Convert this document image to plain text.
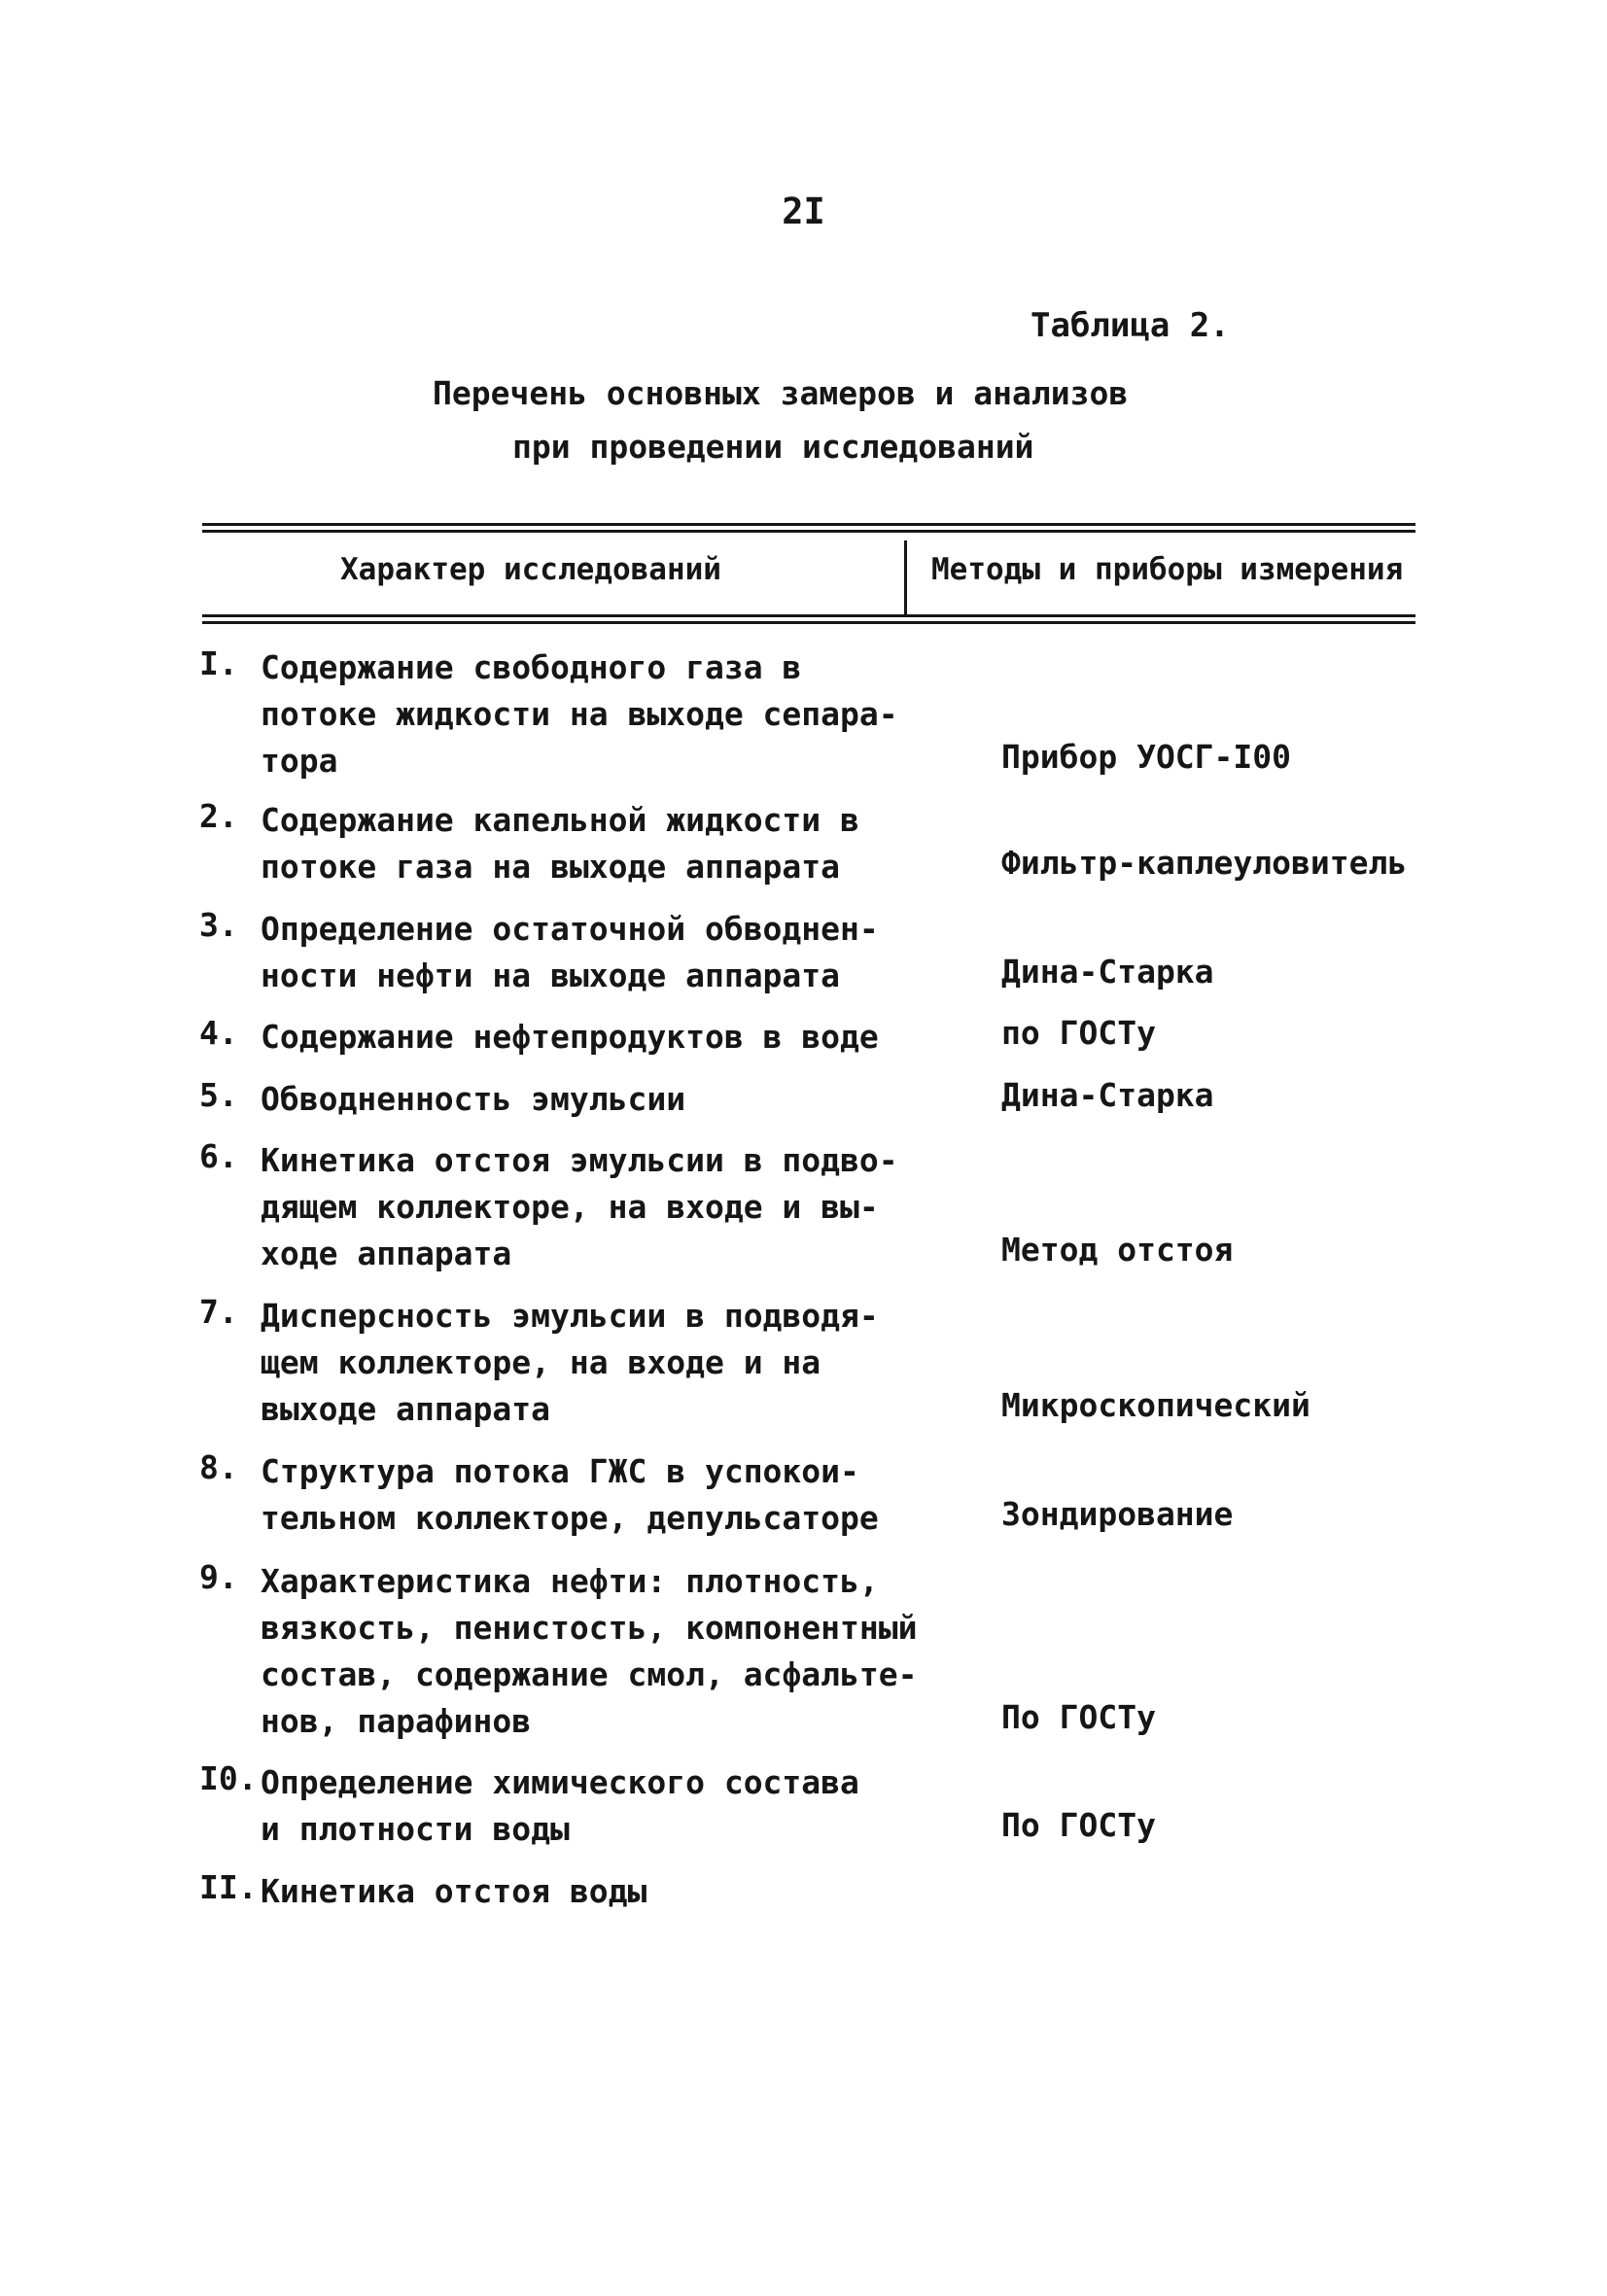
2I
Таблица 2.
Перечень основных замеров и анализов
при проведении исследований
Характер исследований	Методы и приборы измерения
I. Содержание свободного газа в
потоке жидкости на выходе сепара-
тора	Прибор УОСГ-I00
2. Содержание капельной жидкости в
потоке газа на выходе аппарата	Фильтр-каплеуловитель
3. Определение остаточной обводнен-
ности нефти на выходе аппарата	Дина-Старка
4. Содержание нефтепродуктов в воде	по ГОСТу
5. Обводненность эмульсии	Дина-Старка
6. Кинетика отстоя эмульсии в подво-
дящем коллекторе, на входе и вы-
ходе аппарата	Метод отстоя
7. Дисперсность эмульсии в подводя-
щем коллекторе, на входе и на
выходе аппарата	Микроскопический
8. Структура потока ГЖС в успокои-
тельном коллекторе, депульсаторе	Зондирование
9. Характеристика нефти: плотность,
вязкость, пенистость, компонентный
состав, содержание смол, асфальте-
нов, парафинов	По ГОСТу
I0. Определение химического состава
и плотности воды	По ГОСТу
II. Кинетика отстоя воды
